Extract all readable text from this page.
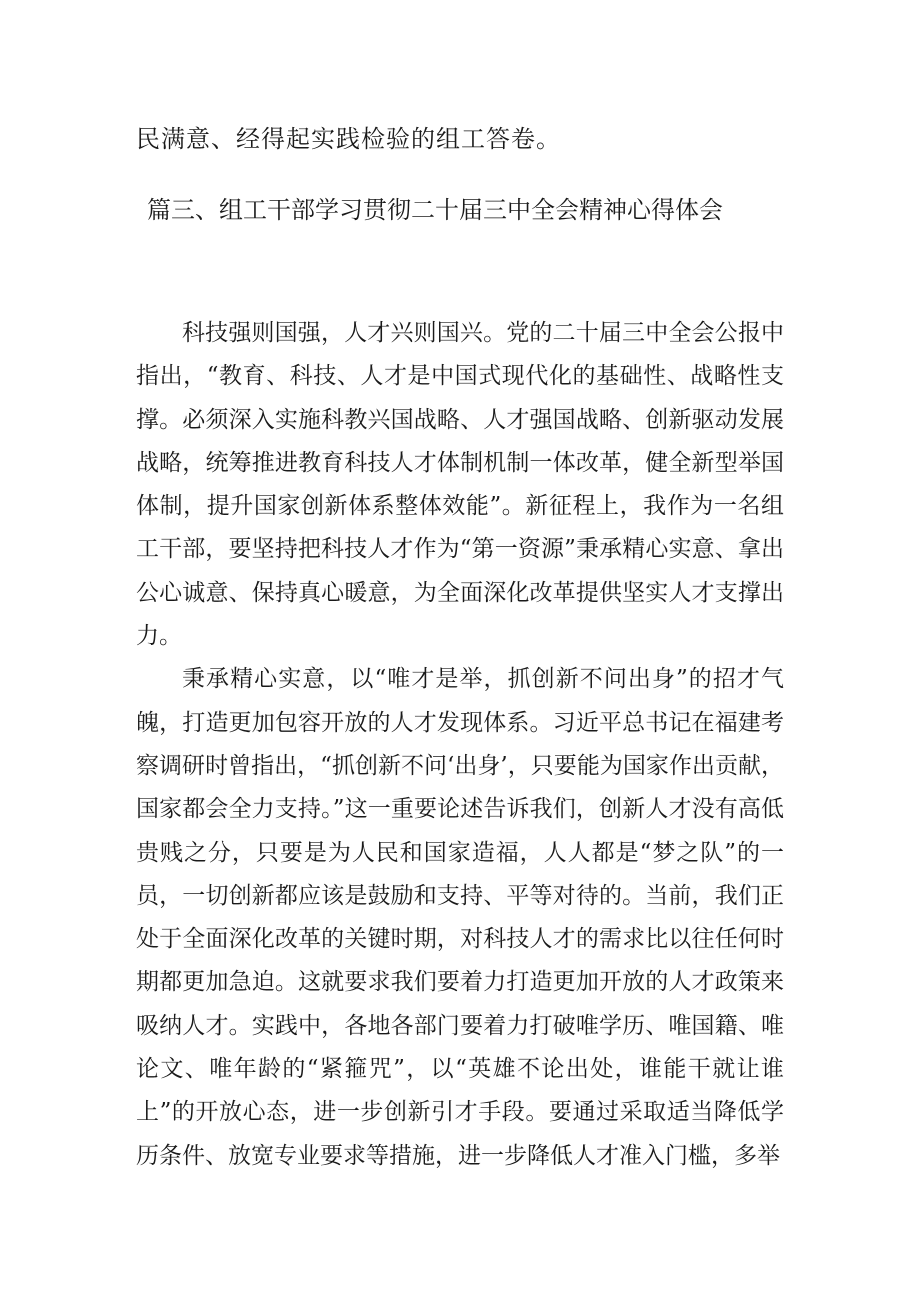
民满意、经得起实践检验的组工答卷。
篇三、组工干部学习贯彻二十届三中全会精神心得体会

科技强则国强，人才兴则国兴。党的二十届三中全会公报中指出，“教育、科技、人才是中国式现代化的基础性、战略性支撑。必须深入实施科教兴国战略、人才强国战略、创新驱动发展战略，统筹推进教育科技人才体制机制一体改革，健全新型举国体制，提升国家创新体系整体效能”。新征程上，我作为一名组工干部，要坚持把科技人才作为“第一资源”秉承精心实意、拿出公心诚意、保持真心暖意，为全面深化改革提供坚实人才支撑出力。

秉承精心实意，以“唯才是举，抓创新不问出身”的招才气魄，打造更加包容开放的人才发现体系。习近平总书记在福建考察调研时曾指出，“抓创新不问‘出身’，只要能为国家作出贡献，国家都会全力支持。”这一重要论述告诉我们，创新人才没有高低贵贱之分，只要是为人民和国家造福，人人都是“梦之队”的一员，一切创新都应该是鼓励和支持、平等对待的。当前，我们正处于全面深化改革的关键时期，对科技人才的需求比以往任何时期都更加急迫。这就要求我们要着力打造更加开放的人才政策来吸纳人才。实践中，各地各部门要着力打破唯学历、唯国籍、唯论文、唯年龄的“紧箍咒”，以“英雄不论出处，谁能干就让谁上”的开放心态，进一步创新引才手段。要通过采取适当降低学历条件、放宽专业要求等措施，进一步降低人才准入门槛，多举
